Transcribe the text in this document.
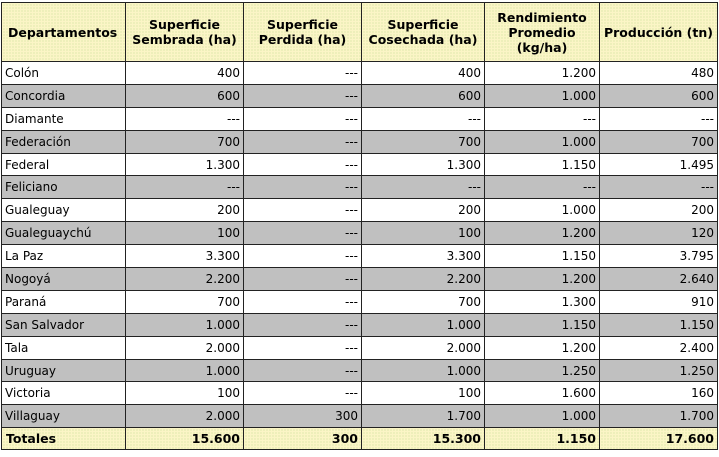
Departamentos	Superficie Sembrada (ha)	Superficie Perdida (ha)	Superficie Cosechada (ha)	Rendimiento Promedio (kg/ha)	Producción (tn)
Colón	400	---	400	1.200	480
Concordia	600	---	600	1.000	600
Diamante	---	---	---	---	---
Federación	700	---	700	1.000	700
Federal	1.300	---	1.300	1.150	1.495
Feliciano	---	---	---	---	---
Gualeguay	200	---	200	1.000	200
Gualeguaychú	100	---	100	1.200	120
La Paz	3.300	---	3.300	1.150	3.795
Nogoyá	2.200	---	2.200	1.200	2.640
Paraná	700	---	700	1.300	910
San Salvador	1.000	---	1.000	1.150	1.150
Tala	2.000	---	2.000	1.200	2.400
Uruguay	1.000	---	1.000	1.250	1.250
Victoria	100	---	100	1.600	160
Villaguay	2.000	300	1.700	1.000	1.700
Totales	15.600	300	15.300	1.150	17.600
